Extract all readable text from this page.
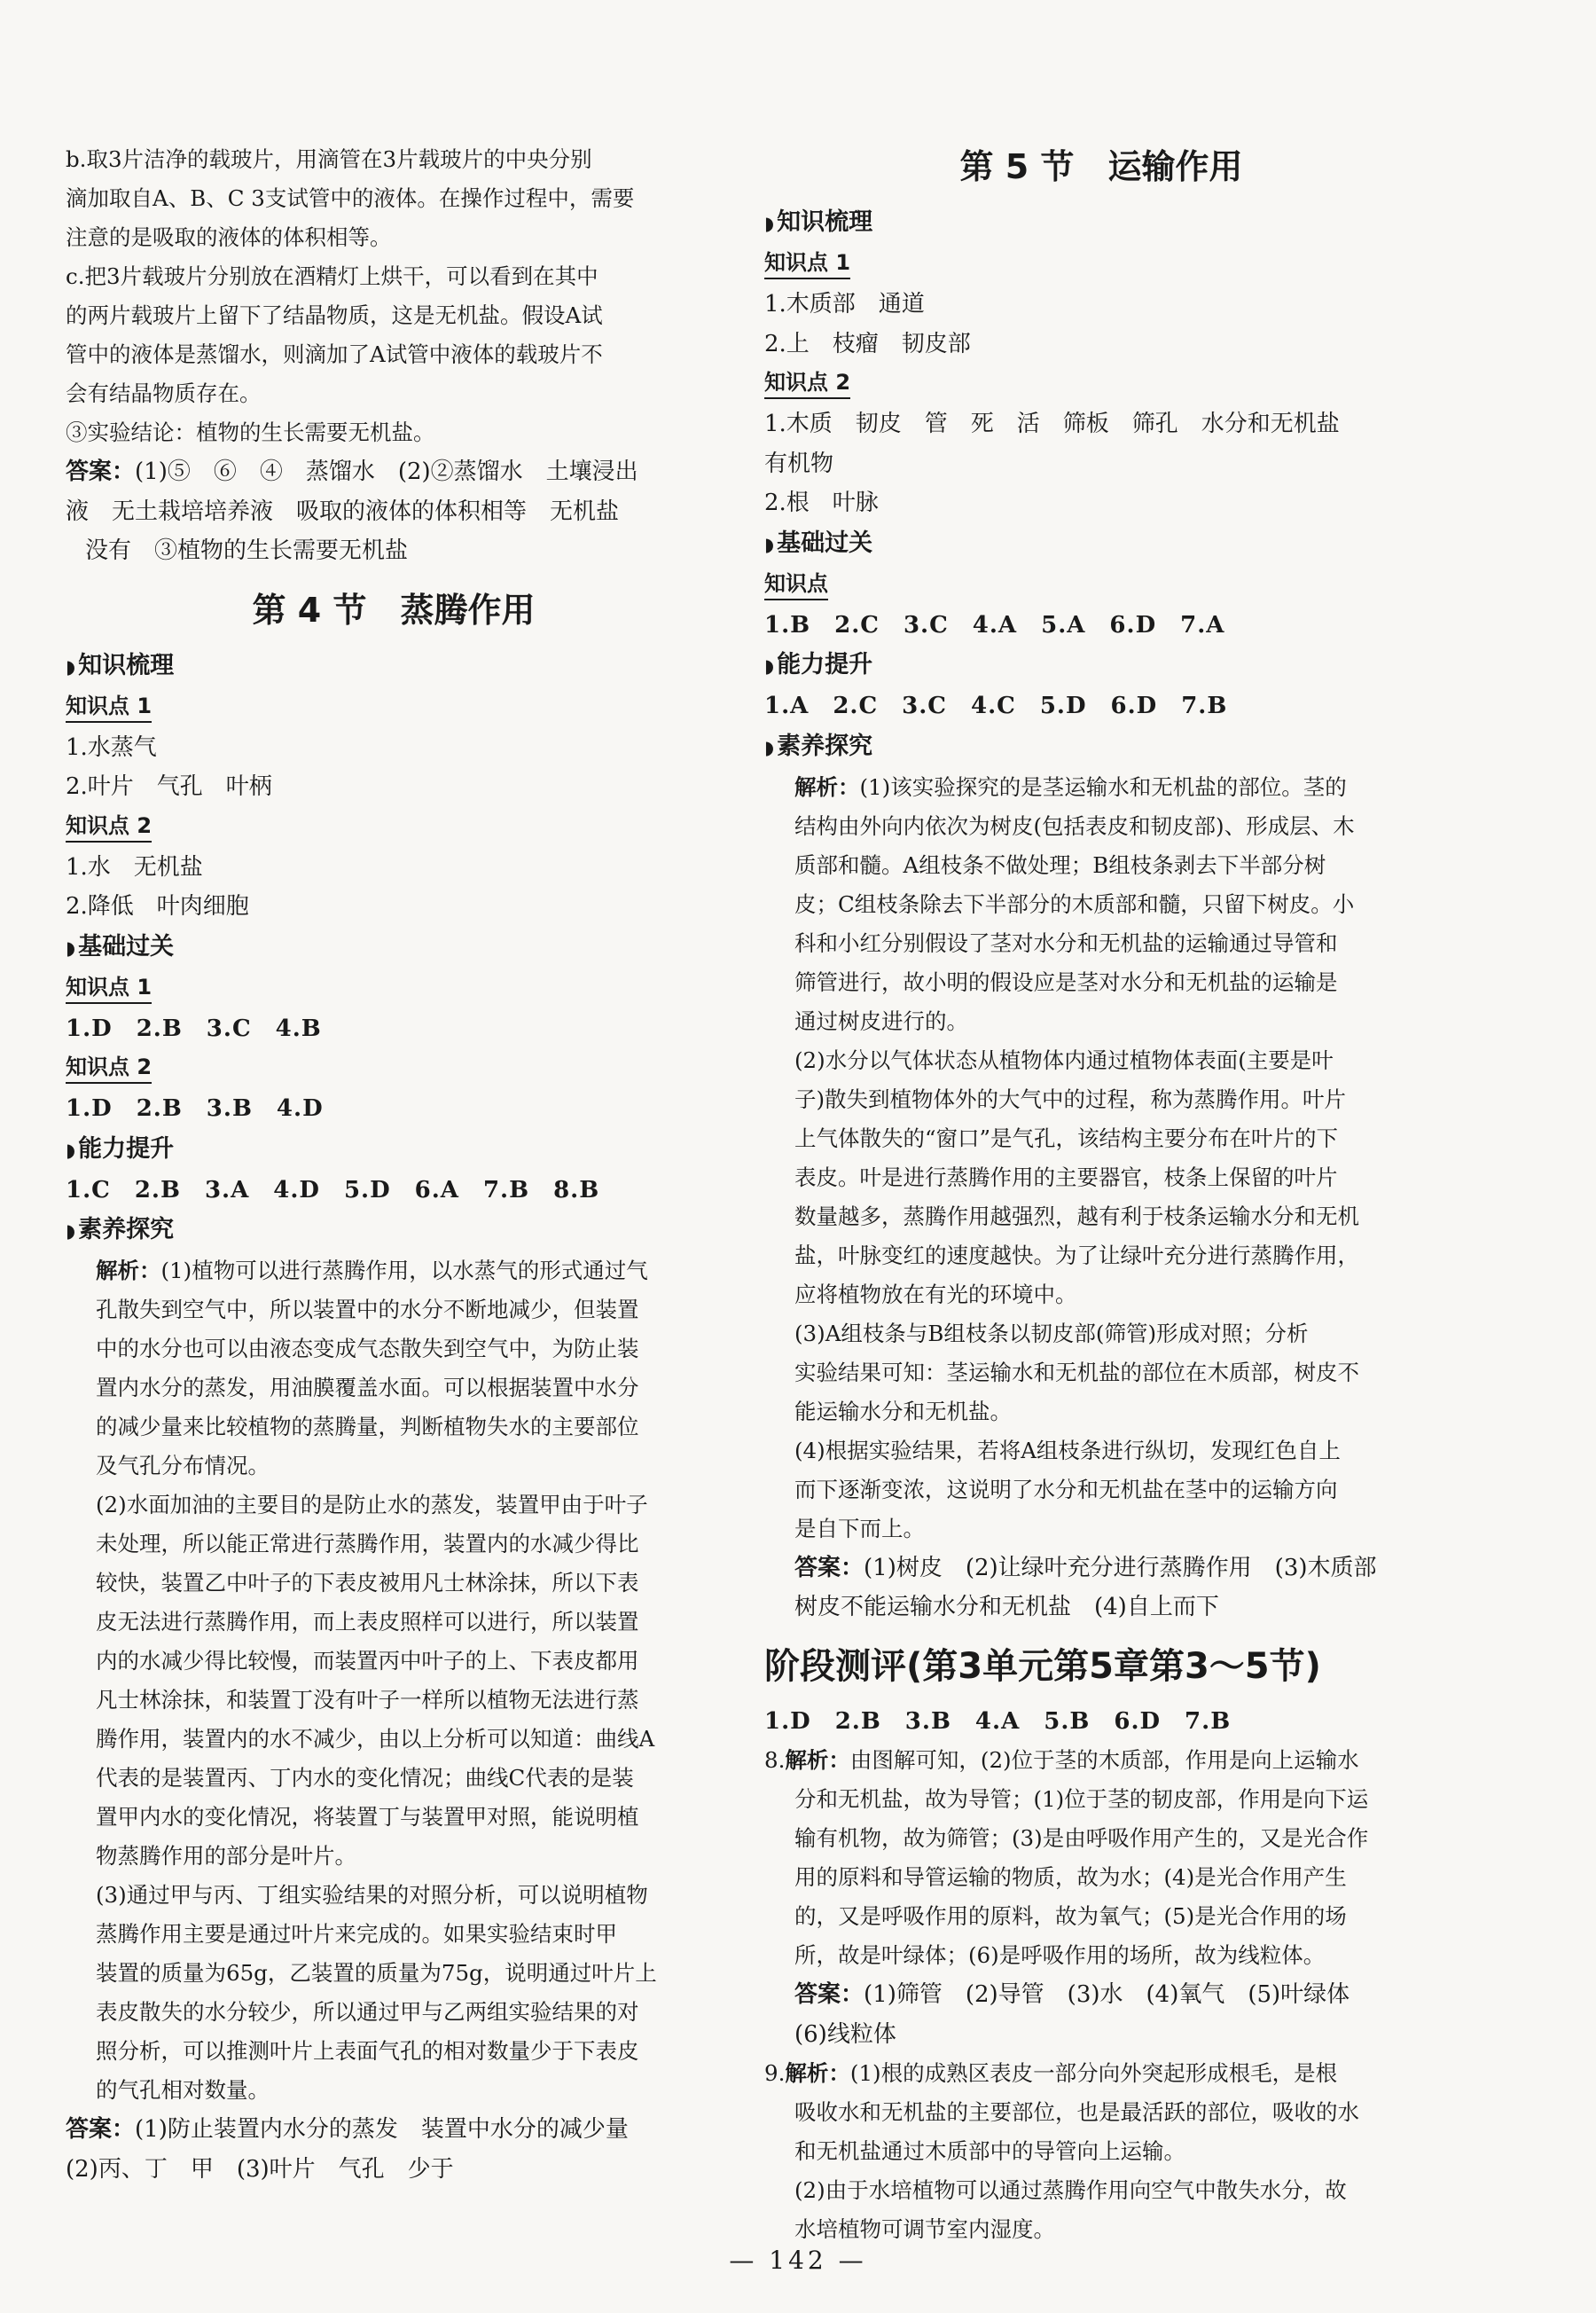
b.取3片洁净的载玻片，用滴管在3片载玻片的中央分别
滴加取自A、B、C 3支试管中的液体。在操作过程中，需要
注意的是吸取的液体的体积相等。
c.把3片载玻片分别放在酒精灯上烘干，可以看到在其中
的两片载玻片上留下了结晶物质，这是无机盐。假设A试
管中的液体是蒸馏水，则滴加了A试管中液体的载玻片不
会有结晶物质存在。
③实验结论：植物的生长需要无机盐。
答案：(1)⑤　⑥　④　蒸馏水　(2)②蒸馏水　土壤浸出
液　无土栽培培养液　吸取的液体的体积相等　无机盐
没有　③植物的生长需要无机盐
第 4 节　蒸腾作用
◗ 知识梳理
知识点 1
1.水蒸气
2.叶片　气孔　叶柄
知识点 2
1.水　无机盐
2.降低　叶肉细胞
◗ 基础过关
知识点 1
1.D　2.B　3.C　4.B
知识点 2
1.D　2.B　3.B　4.D
◗ 能力提升
1.C　2.B　3.A　4.D　5.D　6.A　7.B　8.B
◗ 素养探究
解析：(1)植物可以进行蒸腾作用，以水蒸气的形式通过气
孔散失到空气中，所以装置中的水分不断地减少，但装置
中的水分也可以由液态变成气态散失到空气中，为防止装
置内水分的蒸发，用油膜覆盖水面。可以根据装置中水分
的减少量来比较植物的蒸腾量，判断植物失水的主要部位
及气孔分布情况。
(2)水面加油的主要目的是防止水的蒸发，装置甲由于叶子
未处理，所以能正常进行蒸腾作用，装置内的水减少得比
较快，装置乙中叶子的下表皮被用凡士林涂抹，所以下表
皮无法进行蒸腾作用，而上表皮照样可以进行，所以装置
内的水减少得比较慢，而装置丙中叶子的上、下表皮都用
凡士林涂抹，和装置丁没有叶子一样所以植物无法进行蒸
腾作用，装置内的水不减少，由以上分析可以知道：曲线A
代表的是装置丙、丁内水的变化情况；曲线C代表的是装
置甲内水的变化情况，将装置丁与装置甲对照，能说明植
物蒸腾作用的部分是叶片。
(3)通过甲与丙、丁组实验结果的对照分析，可以说明植物
蒸腾作用主要是通过叶片来完成的。如果实验结束时甲
装置的质量为65g，乙装置的质量为75g，说明通过叶片上
表皮散失的水分较少，所以通过甲与乙两组实验结果的对
照分析，可以推测叶片上表面气孔的相对数量少于下表皮
的气孔相对数量。
答案：(1)防止装置内水分的蒸发　装置中水分的减少量
(2)丙、丁　甲　(3)叶片　气孔　少于
第 5 节　运输作用
◗ 知识梳理
知识点 1
1.木质部　通道
2.上　枝瘤　韧皮部
知识点 2
1.木质　韧皮　管　死　活　筛板　筛孔　水分和无机盐
有机物
2.根　叶脉
◗ 基础过关
知识点
1.B　2.C　3.C　4.A　5.A　6.D　7.A
◗ 能力提升
1.A　2.C　3.C　4.C　5.D　6.D　7.B
◗ 素养探究
解析：(1)该实验探究的是茎运输水和无机盐的部位。茎的
结构由外向内依次为树皮(包括表皮和韧皮部)、形成层、木
质部和髓。A组枝条不做处理；B组枝条剥去下半部分树
皮；C组枝条除去下半部分的木质部和髓，只留下树皮。小
科和小红分别假设了茎对水分和无机盐的运输通过导管和
筛管进行，故小明的假设应是茎对水分和无机盐的运输是
通过树皮进行的。
(2)水分以气体状态从植物体内通过植物体表面(主要是叶
子)散失到植物体外的大气中的过程，称为蒸腾作用。叶片
上气体散失的“窗口”是气孔，该结构主要分布在叶片的下
表皮。叶是进行蒸腾作用的主要器官，枝条上保留的叶片
数量越多，蒸腾作用越强烈，越有利于枝条运输水分和无机
盐，叶脉变红的速度越快。为了让绿叶充分进行蒸腾作用，
应将植物放在有光的环境中。
(3)A组枝条与B组枝条以韧皮部(筛管)形成对照；分析
实验结果可知：茎运输水和无机盐的部位在木质部，树皮不
能运输水分和无机盐。
(4)根据实验结果，若将A组枝条进行纵切，发现红色自上
而下逐渐变浓，这说明了水分和无机盐在茎中的运输方向
是自下而上。
答案：(1)树皮　(2)让绿叶充分进行蒸腾作用　(3)木质部
树皮不能运输水分和无机盐　(4)自上而下
阶段测评(第3单元第5章第3～5节)
1.D　2.B　3.B　4.A　5.B　6.D　7.B
8.解析：由图解可知，(2)位于茎的木质部，作用是向上运输水
分和无机盐，故为导管；(1)位于茎的韧皮部，作用是向下运
输有机物，故为筛管；(3)是由呼吸作用产生的，又是光合作
用的原料和导管运输的物质，故为水；(4)是光合作用产生
的，又是呼吸作用的原料，故为氧气；(5)是光合作用的场
所，故是叶绿体；(6)是呼吸作用的场所，故为线粒体。
答案：(1)筛管　(2)导管　(3)水　(4)氧气　(5)叶绿体
(6)线粒体
9.解析：(1)根的成熟区表皮一部分向外突起形成根毛，是根
吸收水和无机盐的主要部位，也是最活跃的部位，吸收的水
和无机盐通过木质部中的导管向上运输。
(2)由于水培植物可以通过蒸腾作用向空气中散失水分，故
水培植物可调节室内湿度。
— 142 —
